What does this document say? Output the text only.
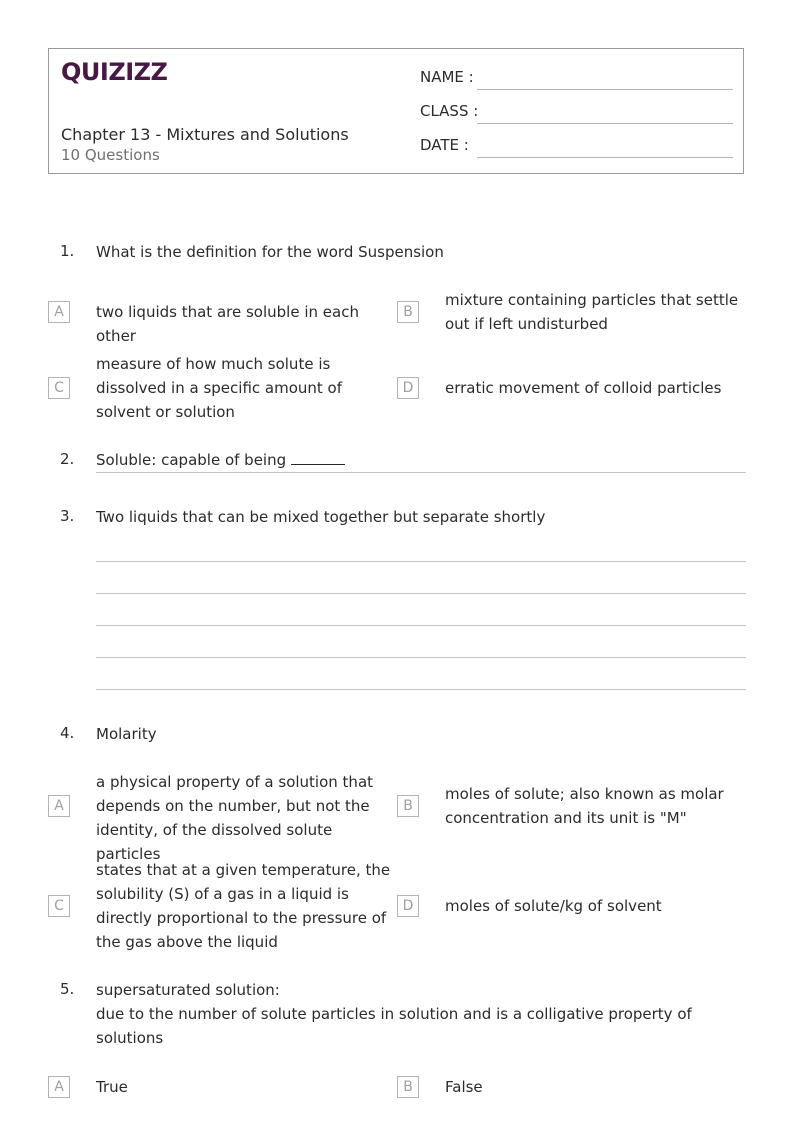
QUIZIZZ
Chapter 13 - Mixtures and Solutions
10 Questions
NAME :
CLASS :
DATE :
1. What is the definition for the word Suspension
A	two liquids that are soluble in each other
B
mixture containing particles that settle out if left undisturbed
C
measure of how much solute is dissolved in a specific amount of solvent or solution
D	erratic movement of colloid particles
2. Soluble: capable of being
3. Two liquids that can be mixed together but separate shortly
4. Molarity
A
a physical property of a solution that depends on the number, but not the identity, of the dissolved solute particles
B
moles of solute; also known as molar concentration and its unit is "M"
C
states that at a given temperature, the solubility (S) of a gas in a liquid is directly proportional to the pressure of the gas above the liquid
D	moles of solute/kg of solvent
5. supersaturated solution:
due to the number of solute particles in solution and is a colligative property of solutions
A	True	B	False
